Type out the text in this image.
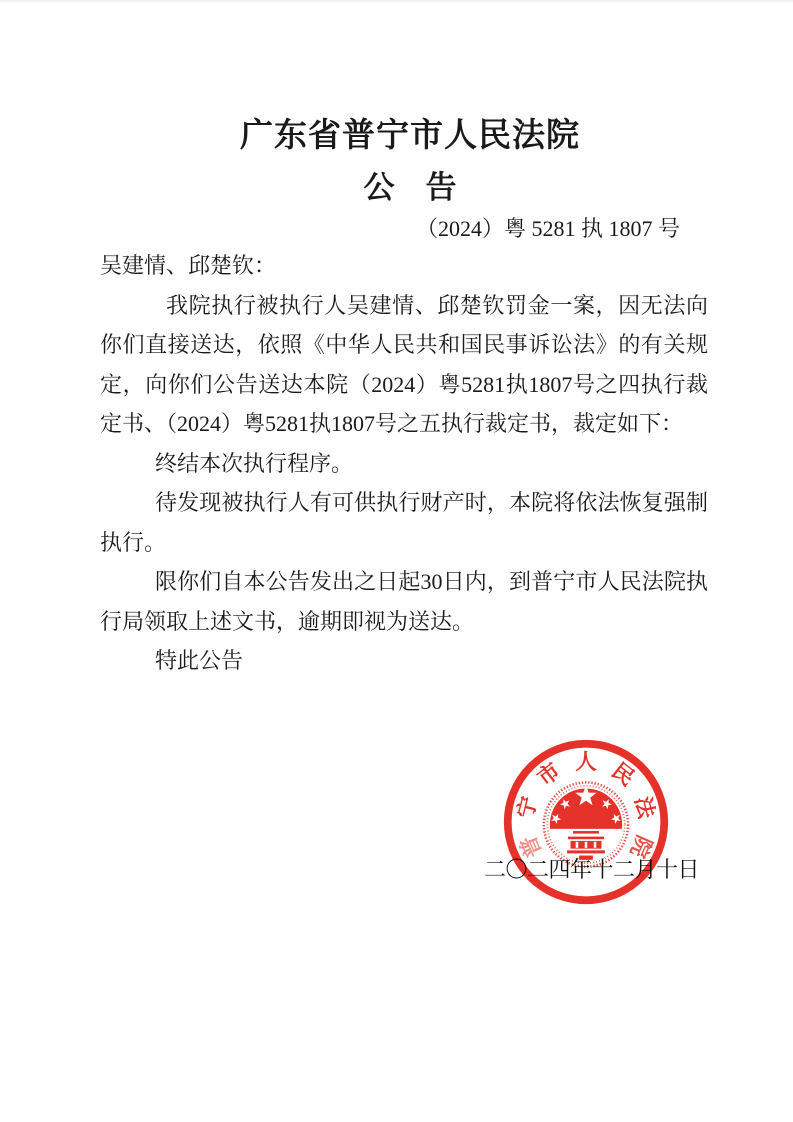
广东省普宁市人民法院
公　告
（2024）粤 5281 执 1807 号

吴建情、邱楚钦：

我院执行被执行人吴建情、邱楚钦罚金一案，因无法向你们直接送达，依照《中华人民共和国民事诉讼法》的有关规定，向你们公告送达本院（2024）粤5281执1807号之四执行裁定书、（2024）粤5281执1807号之五执行裁定书，裁定如下：

终结本次执行程序。

待发现被执行人有可供执行财产时，本院将依法恢复强制执行。

限你们自本公告发出之日起30日内，到普宁市人民法院执行局领取上述文书，逾期即视为送达。

特此公告

普
宁
市 人 民
法
院
二〇二四年十二月十日
